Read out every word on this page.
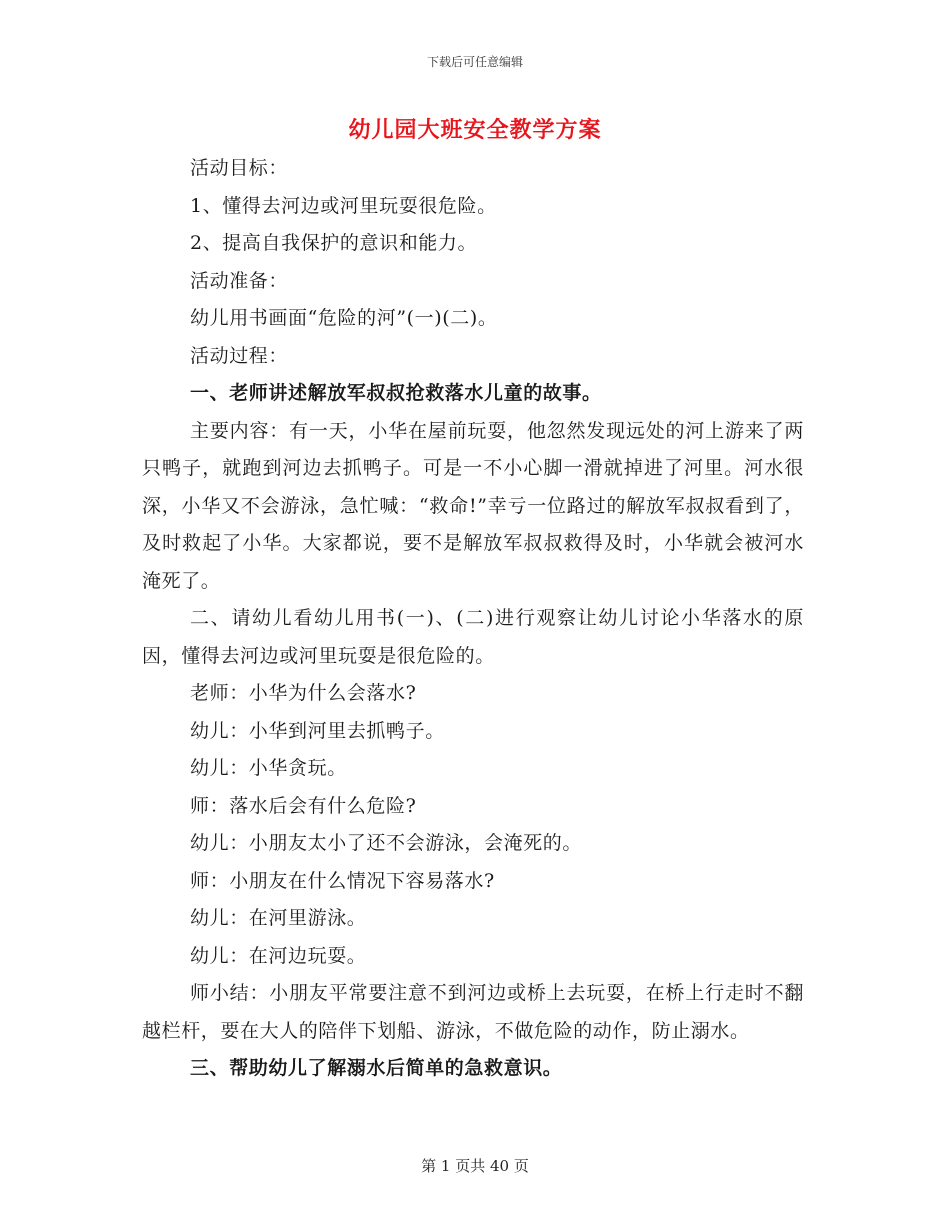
下载后可任意编辑
幼儿园大班安全教学方案

活动目标：

1、懂得去河边或河里玩耍很危险。

2、提高自我保护的意识和能力。

活动准备：

幼儿用书画面“危险的河”(一)(二)。

活动过程：

一、老师讲述解放军叔叔抢救落水儿童的故事。

主要内容：有一天，小华在屋前玩耍，他忽然发现远处的河上游来了两只鸭子，就跑到河边去抓鸭子。可是一不小心脚一滑就掉进了河里。河水很深，小华又不会游泳，急忙喊：“救命!”幸亏一位路过的解放军叔叔看到了，及时救起了小华。大家都说，要不是解放军叔叔救得及时，小华就会被河水淹死了。

二、请幼儿看幼儿用书(一)、(二)进行观察让幼儿讨论小华落水的原因，懂得去河边或河里玩耍是很危险的。

老师：小华为什么会落水?

幼儿：小华到河里去抓鸭子。

幼儿：小华贪玩。

师：落水后会有什么危险?

幼儿：小朋友太小了还不会游泳，会淹死的。

师：小朋友在什么情况下容易落水?

幼儿：在河里游泳。

幼儿：在河边玩耍。

师小结：小朋友平常要注意不到河边或桥上去玩耍，在桥上行走时不翻越栏杆，要在大人的陪伴下划船、游泳，不做危险的动作，防止溺水。

三、帮助幼儿了解溺水后简单的急救意识。

第 1 页共 40 页
